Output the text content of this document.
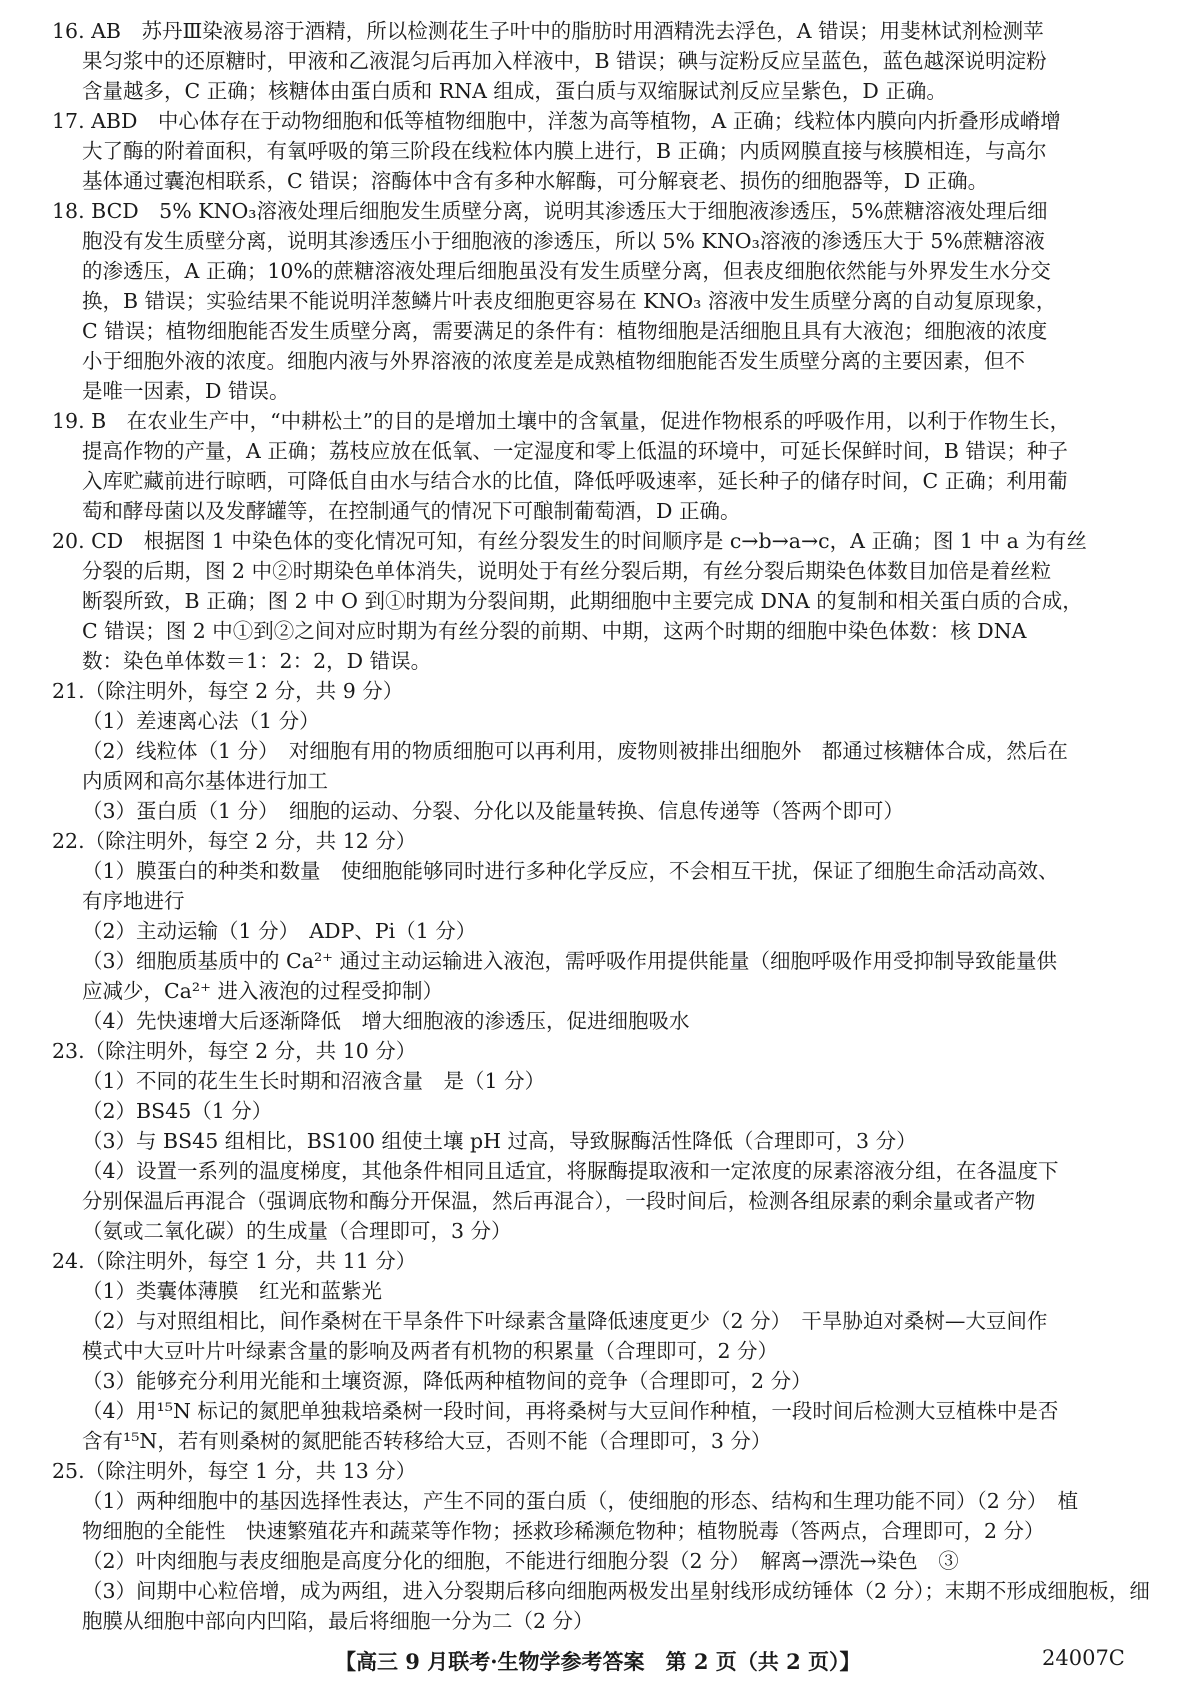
16. AB　苏丹Ⅲ染液易溶于酒精，所以检测花生子叶中的脂肪时用酒精洗去浮色，A 错误；用斐林试剂检测苹
果匀浆中的还原糖时，甲液和乙液混匀后再加入样液中，B 错误；碘与淀粉反应呈蓝色，蓝色越深说明淀粉
含量越多，C 正确；核糖体由蛋白质和 RNA 组成，蛋白质与双缩脲试剂反应呈紫色，D 正确。
17. ABD　中心体存在于动物细胞和低等植物细胞中，洋葱为高等植物，A 正确；线粒体内膜向内折叠形成嵴增
大了酶的附着面积，有氧呼吸的第三阶段在线粒体内膜上进行，B 正确；内质网膜直接与核膜相连，与高尔
基体通过囊泡相联系，C 错误；溶酶体中含有多种水解酶，可分解衰老、损伤的细胞器等，D 正确。
18. BCD　5% KNO₃溶液处理后细胞发生质壁分离，说明其渗透压大于细胞液渗透压，5%蔗糖溶液处理后细
胞没有发生质壁分离，说明其渗透压小于细胞液的渗透压，所以 5% KNO₃溶液的渗透压大于 5%蔗糖溶液
的渗透压，A 正确；10%的蔗糖溶液处理后细胞虽没有发生质壁分离，但表皮细胞依然能与外界发生水分交
换，B 错误；实验结果不能说明洋葱鳞片叶表皮细胞更容易在 KNO₃ 溶液中发生质壁分离的自动复原现象，
C 错误；植物细胞能否发生质壁分离，需要满足的条件有：植物细胞是活细胞且具有大液泡；细胞液的浓度
小于细胞外液的浓度。细胞内液与外界溶液的浓度差是成熟植物细胞能否发生质壁分离的主要因素，但不
是唯一因素，D 错误。
19. B　在农业生产中，“中耕松土”的目的是增加土壤中的含氧量，促进作物根系的呼吸作用，以利于作物生长，
提高作物的产量，A 正确；荔枝应放在低氧、一定湿度和零上低温的环境中，可延长保鲜时间，B 错误；种子
入库贮藏前进行晾晒，可降低自由水与结合水的比值，降低呼吸速率，延长种子的储存时间，C 正确；利用葡
萄和酵母菌以及发酵罐等，在控制通气的情况下可酿制葡萄酒，D 正确。
20. CD　根据图 1 中染色体的变化情况可知，有丝分裂发生的时间顺序是 c→b→a→c，A 正确；图 1 中 a 为有丝
分裂的后期，图 2 中②时期染色单体消失，说明处于有丝分裂后期，有丝分裂后期染色体数目加倍是着丝粒
断裂所致，B 正确；图 2 中 O 到①时期为分裂间期，此期细胞中主要完成 DNA 的复制和相关蛋白质的合成，
C 错误；图 2 中①到②之间对应时期为有丝分裂的前期、中期，这两个时期的细胞中染色体数：核 DNA
数：染色单体数＝1：2：2，D 错误。
21.（除注明外，每空 2 分，共 9 分）
（1）差速离心法（1 分）
（2）线粒体（1 分）　对细胞有用的物质细胞可以再利用，废物则被排出细胞外　都通过核糖体合成，然后在
内质网和高尔基体进行加工
（3）蛋白质（1 分）　细胞的运动、分裂、分化以及能量转换、信息传递等（答两个即可）
22.（除注明外，每空 2 分，共 12 分）
（1）膜蛋白的种类和数量　使细胞能够同时进行多种化学反应，不会相互干扰，保证了细胞生命活动高效、
有序地进行
（2）主动运输（1 分）　ADP、Pi（1 分）
（3）细胞质基质中的 Ca²⁺ 通过主动运输进入液泡，需呼吸作用提供能量（细胞呼吸作用受抑制导致能量供
应减少，Ca²⁺ 进入液泡的过程受抑制）
（4）先快速增大后逐渐降低　增大细胞液的渗透压，促进细胞吸水
23.（除注明外，每空 2 分，共 10 分）
（1）不同的花生生长时期和沼液含量　是（1 分）
（2）BS45（1 分）
（3）与 BS45 组相比，BS100 组使土壤 pH 过高，导致脲酶活性降低（合理即可，3 分）
（4）设置一系列的温度梯度，其他条件相同且适宜，将脲酶提取液和一定浓度的尿素溶液分组，在各温度下
分别保温后再混合（强调底物和酶分开保温，然后再混合），一段时间后，检测各组尿素的剩余量或者产物
（氨或二氧化碳）的生成量（合理即可，3 分）
24.（除注明外，每空 1 分，共 11 分）
（1）类囊体薄膜　红光和蓝紫光
（2）与对照组相比，间作桑树在干旱条件下叶绿素含量降低速度更少（2 分）　干旱胁迫对桑树—大豆间作
模式中大豆叶片叶绿素含量的影响及两者有机物的积累量（合理即可，2 分）
（3）能够充分利用光能和土壤资源，降低两种植物间的竞争（合理即可，2 分）
（4）用¹⁵N 标记的氮肥单独栽培桑树一段时间，再将桑树与大豆间作种植，一段时间后检测大豆植株中是否
含有¹⁵N，若有则桑树的氮肥能否转移给大豆，否则不能（合理即可，3 分）
25.（除注明外，每空 1 分，共 13 分）
（1）两种细胞中的基因选择性表达，产生不同的蛋白质（，使细胞的形态、结构和生理功能不同）（2 分）　植
物细胞的全能性　快速繁殖花卉和蔬菜等作物；拯救珍稀濒危物种；植物脱毒（答两点，合理即可，2 分）
（2）叶肉细胞与表皮细胞是高度分化的细胞，不能进行细胞分裂（2 分）　解离→漂洗→染色　③
（3）间期中心粒倍增，成为两组，进入分裂期后移向细胞两极发出星射线形成纺锤体（2 分）；末期不形成细胞板，细
胞膜从细胞中部向内凹陷，最后将细胞一分为二（2 分）
【高三 9 月联考·生物学参考答案　第 2 页（共 2 页）】	24007C
